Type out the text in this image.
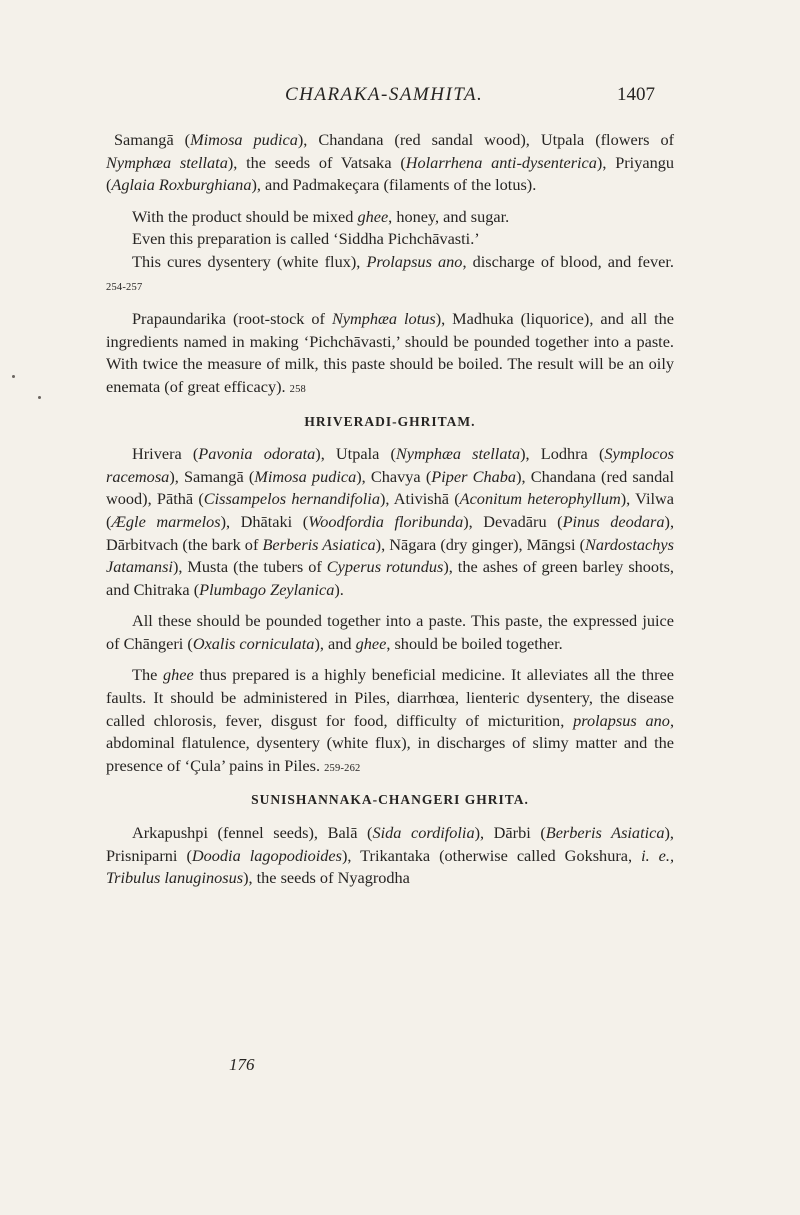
CHARAKA-SAMHITA.	1407

Samangā (Mimosa pudica), Chandana (red sandal wood), Utpala (flowers of Nymphæa stellata), the seeds of Vatsaka (Holarrhena anti-dysenterica), Priyangu (Aglaia Roxburghiana), and Padmakeçara (filaments of the lotus).

With the product should be mixed ghee, honey, and sugar.

Even this preparation is called ‘Siddha Pichchāvasti.’

This cures dysentery (white flux), Prolapsus ano, discharge of blood, and fever. 254-257

Prapaundarika (root-stock of Nymphæa lotus), Madhuka (liquorice), and all the ingredients named in making ‘Pichchāvasti,’ should be pounded together into a paste. With twice the measure of milk, this paste should be boiled. The result will be an oily enemata (of great efficacy). 258

HRIVERADI-GHRITAM.

Hrivera (Pavonia odorata), Utpala (Nymphæa stellata), Lodhra (Symplocos racemosa), Samangā (Mimosa pudica), Chavya (Piper Chaba), Chandana (red sandal wood), Pāthā (Cissampelos hernandifolia), Ativishā (Aconitum heterophyllum), Vilwa (Ægle marmelos), Dhātaki (Woodfordia floribunda), Devadāru (Pinus deodara), Dārbitvach (the bark of Berberis Asiatica), Nāgara (dry ginger), Māngsi (Nardostachys Jatamansi), Musta (the tubers of Cyperus rotundus), the ashes of green barley shoots, and Chitraka (Plumbago Zeylanica).

All these should be pounded together into a paste. This paste, the expressed juice of Chāngeri (Oxalis corniculata), and ghee, should be boiled together.

The ghee thus prepared is a highly beneficial medicine. It alleviates all the three faults. It should be administered in Piles, diarrhœa, lienteric dysentery, the disease called chlorosis, fever, disgust for food, difficulty of micturition, prolapsus ano, abdominal flatulence, dysentery (white flux), in discharges of slimy matter and the presence of ‘Çula’ pains in Piles. 259-262

SUNISHANNAKA-CHANGERI GHRITA.

Arkapushpi (fennel seeds), Balā (Sida cordifolia), Dārbi (Berberis Asiatica), Prisniparni (Doodia lagopodioides), Trikantaka (otherwise called Gokshura, i. e., Tribulus lanuginosus), the seeds of Nyagrodha

176
